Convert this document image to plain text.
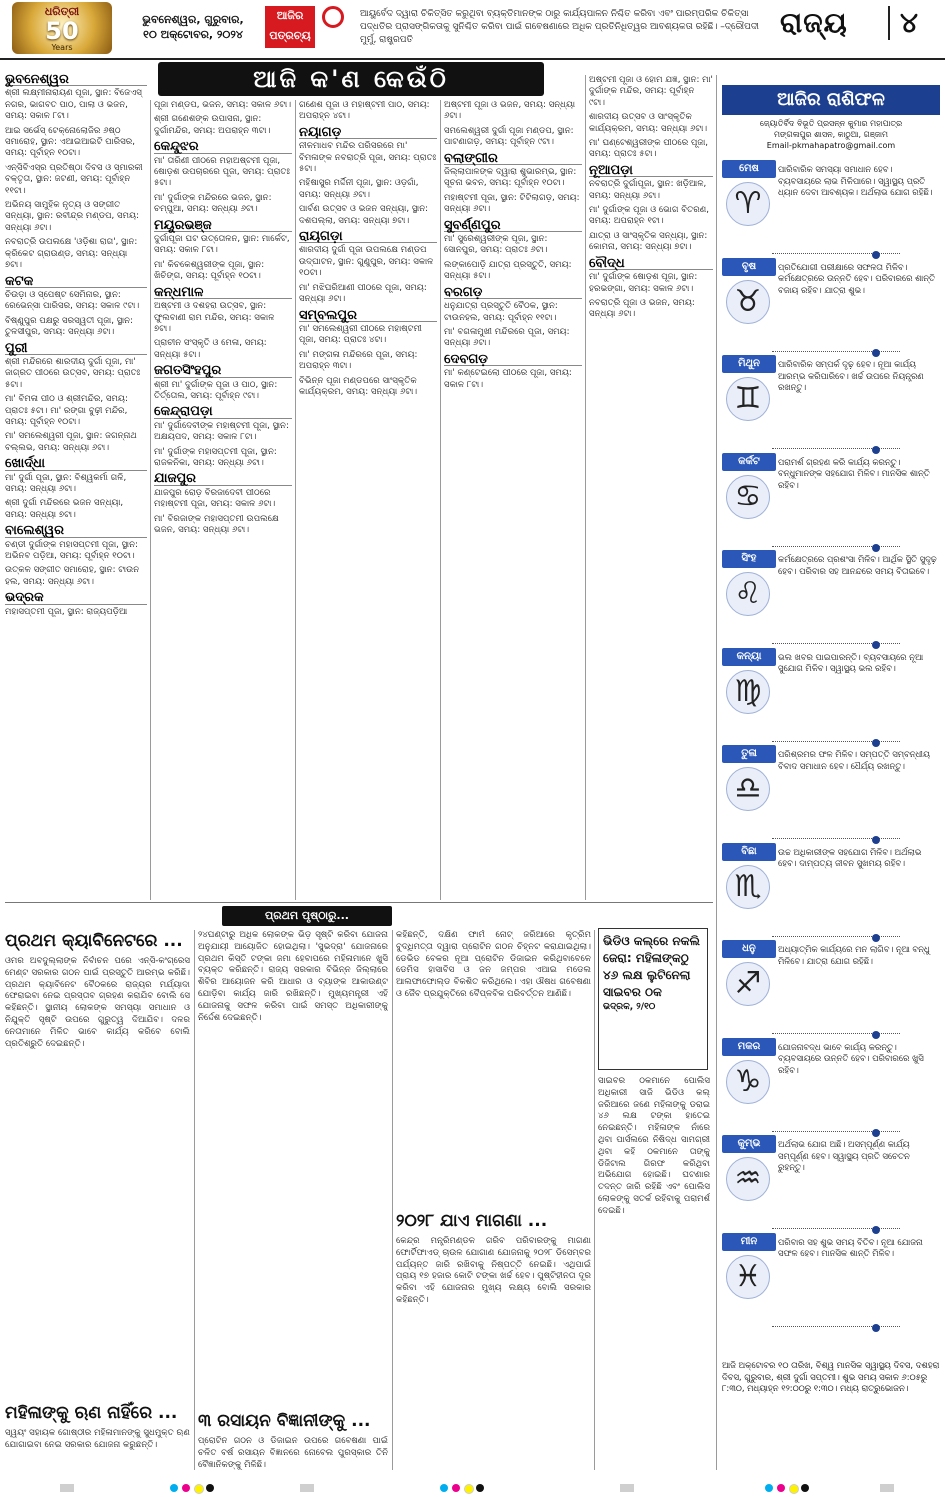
ଧରିତ୍ରୀ
50
Years
ଭୁବନେଶ୍ୱର, ଗୁରୁବାର,
୧୦ ଅକ୍ଟୋବର, ୨୦୨୪
ଆଜିର
ପତ୍ରଚ୍ୟ
ଆୟୁର୍ବେଦ ଦ୍ୱାରା ଚିକିତ୍ସିତ କରୁଥିବା ବ୍ୟକ୍ତିମାନଙ୍କ ଠାରୁ କାର୍ଯ୍ୟପାଳନ ନିଶ୍ଚିତ କରିବା ଏବଂ ପାରମ୍ପରିକ ଚିକିତ୍ସା ପଦ୍ଧତିର ପ୍ରାସଙ୍ଗିକତାକୁ ସୁନିଶ୍ଚିତ କରିବା ପାଇଁ ଗବେଷଣାରେ ଅଧିକ ପ୍ରତିନିଧିତ୍ୱର ଆବଶ୍ୟକତା ରହିଛି। –ଦ୍ରୌପଦୀ ମୁର୍ମୁ, ରାଷ୍ଟ୍ରପତି
ରାଜ୍ୟ	୪
ଆଜି କ'ଣ କେଉଁଠି
ଭୁବନେଶ୍ୱର

ଶ୍ରୀ ଲକ୍ଷ୍ମୀନାରାୟଣ ପୂଜା, ସ୍ଥାନ: ବିଜେଏସ୍‌ ନଗର, ଭାଗବତ ପାଠ, ପାଲା ଓ ଭଜନ, ସମୟ: ସକାଳ ୮ଟା।

ଆଇ ସର୍ଭେସ୍ ଟେକ୍ନୋଲୋଜିର ୬ଷ୍ଠ ସମାରୋହ, ସ୍ଥାନ: ଏଆଇଆଇଟି ପାରିସର, ସମୟ: ପୂର୍ବାହ୍ନ ୧୦ଟା।

ଏନ୍‌ସିବିଏସ୍‌ର ପ୍ରତିଷ୍ଠା ଦିବସ ଓ ସ୍ମାରକୀ ବକ୍ତୃତା, ସ୍ଥାନ: ଜଟଣୀ, ସମୟ: ପୂର୍ବାହ୍ନ ୧୧ଟା।

ଅଭିନୟ ସାମୁହିକ ନୃତ୍ୟ ଓ ସଙ୍ଗୀତ ସନ୍ଧ୍ୟା, ସ୍ଥାନ: ରବୀନ୍ଦ୍ର ମଣ୍ଡପ, ସମୟ: ସନ୍ଧ୍ୟା ୬ଟା।

ନବରାତ୍ରି ଉପଲକ୍ଷେ 'ଓଡ଼ିଶା ରାଗ', ସ୍ଥାନ: କ୍ରିକେଟ ଗ୍ରାଉଣ୍ଡ, ସମୟ: ସନ୍ଧ୍ୟା ୭ଟା।

କଟକ

ଚିଉଡ଼ା ଓ ସ୍ପେଷ୍ଟ ସେମିନାର, ସ୍ଥାନ: ରେଭେନ୍ସା ପାରିସର, ସମୟ: ସକାଳ ୯ଟା।

ବିଷ୍ଣୁପୁର ପକ୍ଷରୁ ସରସ୍ୱତୀ ପୂଜା, ସ୍ଥାନ: ତୁଳସୀପୁର, ସମୟ: ସନ୍ଧ୍ୟା ୬ଟା।

ପୁରୀ

ଶ୍ରୀ ମନ୍ଦିରରେ ଶାରଦୀୟ ଦୁର୍ଗା ପୂଜା, ମା' ଜାଗ୍ରତ ପୀଠରେ ଉତ୍ସବ, ସମୟ: ପ୍ରାତଃ ୫ଟା।

ମା' ବିମଳା ପୀଠ ଓ ଶ୍ରୀମନ୍ଦିର, ସମୟ: ପ୍ରାତଃ ୫ଟା। ମା' ରଙ୍ଗା ବୁଢ଼ୀ ମନ୍ଦିର, ସମୟ: ପୂର୍ବାହ୍ନ ୧୦ଟା।

ମା' ସମଲେଶ୍ୱରୀ ପୂଜା, ସ୍ଥାନ: ଜଗନ୍ନାଥ ବଲ୍ଲଭ, ସମୟ: ସନ୍ଧ୍ୟା ୬ଟା।

ଖୋର୍ଦ୍ଧା

ମା' ଦୁର୍ଗା ପୂଜା, ସ୍ଥାନ: ବିଶ୍ୱକର୍ମା ଗଳି, ସମୟ: ସନ୍ଧ୍ୟା ୬ଟା।

ଶ୍ରୀ ଦୁର୍ଗା ମନ୍ଦିରରେ ଭଜନ ସନ୍ଧ୍ୟା, ସମୟ: ସନ୍ଧ୍ୟା ୭ଟା।

ବାଲେଶ୍ୱର

ଚଣ୍ଡୀ ଦୁର୍ଗାଙ୍କ ମହାସପ୍ତମୀ ପୂଜା, ସ୍ଥାନ: ଅଭିନବ ପଡ଼ିଆ, ସମୟ: ପୂର୍ବାହ୍ନ ୧୦ଟା।

ଉତ୍କଳ ସଙ୍ଗୀତ ସମାରୋହ, ସ୍ଥାନ: ଟାଉନ ହଲ, ସମୟ: ସନ୍ଧ୍ୟା ୬ଟା।

ଭଦ୍ରକ

ମହାସପ୍ତମୀ ପୂଜା, ସ୍ଥାନ: ରାଜ୍ୟପଡ଼ିଆ

ପୂଜା ମଣ୍ଡପ, ଭଜନ, ସମୟ: ସକାଳ ୬ଟା।

ଶ୍ରୀ ଗଣେଶଙ୍କ ଉପାସନା, ସ୍ଥାନ: ଦୁର୍ଗାମନ୍ଦିର, ସମୟ: ଅପରାହ୍ନ ୩ଟା।

କେନ୍ଦୁଝର

ମା' ତାରିଣୀ ପୀଠରେ ମହାଅଷ୍ଟମୀ ପୂଜା, ଷୋଡ଼ଶ ଉପଚାରରେ ପୂଜା, ସମୟ: ପ୍ରାତଃ ୫ଟା।

ମା' ଦୁର୍ଗାଙ୍କ ମନ୍ଦିରରେ ଭଜନ, ସ୍ଥାନ: ଚମ୍ପୁଆ, ସମୟ: ସନ୍ଧ୍ୟା ୬ଟା।

ମୟୂରଭଞ୍ଜ

ଦୁର୍ଗାପୂଜା ଘଟ ଉତ୍ତୋଳନ, ସ୍ଥାନ: ମାର୍କେଟ, ସମୟ: ସକାଳ ୮ଟା।

ମା' କିଚକେଶ୍ୱରୀଙ୍କ ପୂଜା, ସ୍ଥାନ: ଖିଚିଙ୍ଗ, ସମୟ: ପୂର୍ବାହ୍ନ ୧୦ଟା।

କନ୍ଧମାଳ

ଅଷ୍ଟମୀ ଓ ଦଶହରା ଉତ୍ସବ, ସ୍ଥାନ: ଫୁଲବାଣୀ ରାମ ମନ୍ଦିର, ସମୟ: ସକାଳ ୭ଟା।

ପ୍ରାଚୀନ ସଂସ୍କୃତି ଓ ମେଳା, ସମୟ: ସନ୍ଧ୍ୟା ୫ଟା।

ଜଗତସିଂହପୁର

ଶ୍ରୀ ମା' ଦୁର୍ଗାଙ୍କ ପୂଜା ଓ ପାଠ, ସ୍ଥାନ: ତିର୍ତ୍ତୋଲ, ସମୟ: ପୂର୍ବାହ୍ନ ୯ଟା।

କେନ୍ଦ୍ରାପଡ଼ା

ମା' ଦୁର୍ଗାଦେବୀଙ୍କ ମହାଷ୍ଟମୀ ପୂଜା, ସ୍ଥାନ: ଅକ୍ଷୟପଦ, ସମୟ: ସକାଳ ୮ଟା।

ମା' ଦୁର୍ଗାଙ୍କ ମହାସପ୍ତମୀ ପୂଜା, ସ୍ଥାନ: ରାଜକନିକା, ସମୟ: ସନ୍ଧ୍ୟା ୬ଟା।

ଯାଜପୁର

ଯାଜପୁର ରୋଡ଼ ବିରଜାଦେବୀ ପୀଠରେ ମହାଷ୍ଟମୀ ପୂଜା, ସମୟ: ସକାଳ ୬ଟା।

ମା' ବିରଜାଙ୍କ ମହାସପ୍ତମୀ ଉପଲକ୍ଷେ ଭଜନ, ସମୟ: ସନ୍ଧ୍ୟା ୬ଟା।

ଗଣେଶ ପୂଜା ଓ ମହାଷ୍ଟମୀ ପାଠ, ସମୟ: ଅପରାହ୍ନ ୪ଟା।

ନୟାଗଡ଼

ନୀଳମାଧବ ମନ୍ଦିର ପରିସରରେ ମା' ବିମଳାଙ୍କ ନବରାତ୍ରି ପୂଜା, ସମୟ: ପ୍ରାତଃ ୫ଟା।

ମହିଷାସୁର ମର୍ଦ୍ଦିନୀ ପୂଜା, ସ୍ଥାନ: ଓଡ଼ଗାଁ, ସମୟ: ସନ୍ଧ୍ୟା ୬ଟା।

ପାର୍ବଣ ଉତ୍ସବ ଓ ଭଜନ ସନ୍ଧ୍ୟା, ସ୍ଥାନ: ଦଶପଲ୍ଲା, ସମୟ: ସନ୍ଧ୍ୟା ୭ଟା।

ରାୟଗଡ଼ା

ଶାରଦୀୟ ଦୁର୍ଗା ପୂଜା ଉପଲକ୍ଷେ ମଣ୍ଡପ ଉଦ୍‌ଘାଟନ, ସ୍ଥାନ: ଗୁଣୁପୁର, ସମୟ: ସକାଳ ୧୦ଟା।

ମା' ମଝିଘରିଆଣୀ ପୀଠରେ ପୂଜା, ସମୟ: ସନ୍ଧ୍ୟା ୬ଟା।

ସମ୍ବଲପୁର

ମା' ସମଲେଶ୍ୱରୀ ପୀଠରେ ମହାଷ୍ଟମୀ ପୂଜା, ସମୟ: ପ୍ରାତଃ ୪ଟା।

ମା' ମଙ୍ଗଳା ମନ୍ଦିରରେ ପୂଜା, ସମୟ: ଅପରାହ୍ନ ୩ଟା।

ବିଭିନ୍ନ ପୂଜା ମଣ୍ଡପରେ ସାଂସ୍କୃତିକ କାର୍ଯ୍ୟକ୍ରମ, ସମୟ: ସନ୍ଧ୍ୟା ୬ଟା।

ଅଷ୍ଟମୀ ପୂଜା ଓ ଭଜନ, ସମୟ: ସନ୍ଧ୍ୟା ୬ଟା।

ସମଲେଶ୍ୱରୀ ଦୁର୍ଗା ପୂଜା ମଣ୍ଡପ, ସ୍ଥାନ: ପାଟଣାଗଡ଼, ସମୟ: ପୂର୍ବାହ୍ନ ୯ଟା।

ବଲାଙ୍ଗୀର

ଜିଲ୍ଲାପାଳଙ୍କ ଦ୍ୱାରା ଶୁଭାରମ୍ଭ, ସ୍ଥାନ: ସୂଚନା ଭବନ, ସମୟ: ପୂର୍ବାହ୍ନ ୧୦ଟା।

ମହାଷ୍ଟମୀ ପୂଜା, ସ୍ଥାନ: ଟିଟିଲାଗଡ଼, ସମୟ: ସନ୍ଧ୍ୟା ୬ଟା।

ସୁବର୍ଣ୍ଣପୁର

ମା' ସୁରେଶ୍ୱରୀଙ୍କ ପୂଜା, ସ୍ଥାନ: ସୋନପୁର, ସମୟ: ପ୍ରାତଃ ୬ଟା।

ଲଙ୍କାପୋଡ଼ି ଯାତ୍ରା ପ୍ରସ୍ତୁତି, ସମୟ: ସନ୍ଧ୍ୟା ୫ଟା।

ବରଗଡ଼

ଧନୁଯାତ୍ରା ପ୍ରସ୍ତୁତି ବୈଠକ, ସ୍ଥାନ: ଟାଉନହଲ, ସମୟ: ପୂର୍ବାହ୍ନ ୧୧ଟା।

ମା' ବଗଳାମୁଖୀ ମନ୍ଦିରରେ ପୂଜା, ସମୟ: ସନ୍ଧ୍ୟା ୬ଟା।

ଦେବଗଡ଼

ମା' କଣ୍ଟେଇଲୋ ପୀଠରେ ପୂଜା, ସମୟ: ସକାଳ ୮ଟା।

ଅଷ୍ଟମୀ ପୂଜା ଓ ହୋମ ଯଜ୍ଞ, ସ୍ଥାନ: ମା' ଦୁର୍ଗାଙ୍କ ମନ୍ଦିର, ସମୟ: ପୂର୍ବାହ୍ନ ୯ଟା।

ଶାରଦୀୟ ଉତ୍ସବ ଓ ସାଂସ୍କୃତିକ କାର୍ଯ୍ୟକ୍ରମ, ସମୟ: ସନ୍ଧ୍ୟା ୬ଟା।

ମା' ଘଣ୍ଟେଶ୍ୱରୀଙ୍କ ପୀଠରେ ପୂଜା, ସମୟ: ପ୍ରାତଃ ୫ଟା।

ନୂଆପଡ଼ା

ନବରାତ୍ରି ଦୁର୍ଗାପୂଜା, ସ୍ଥାନ: ଖଡ଼ିଆଳ, ସମୟ: ସନ୍ଧ୍ୟା ୬ଟା।

ମା' ଦୁର୍ଗାଙ୍କ ପୂଜା ଓ ଭୋଗ ବିତରଣ, ସମୟ: ଅପରାହ୍ନ ୧ଟା।

ଯାତ୍ରା ଓ ସାଂସ୍କୃତିକ ସନ୍ଧ୍ୟା, ସ୍ଥାନ: କୋମନା, ସମୟ: ସନ୍ଧ୍ୟା ୭ଟା।

ବୌଦ୍ଧ

ମା' ଦୁର୍ଗାଙ୍କ ଷୋଡ଼ଶ ପୂଜା, ସ୍ଥାନ: ହରଭଙ୍ଗା, ସମୟ: ସକାଳ ୬ଟା।

ନବରାତ୍ରି ପୂଜା ଓ ଭଜନ, ସମୟ: ସନ୍ଧ୍ୟା ୬ଟା।

ଆଜିର ରାଶିଫଳ
ଜ୍ୟୋତିର୍ବିଦ ବିଭୂତି ପ୍ରସନ୍ନ କୁମାର ମହାପାତ୍ର
ମଙ୍ଗଳାପୁର ଶାସନ, କାଠୁଆ, ଗଞ୍ଜାମ
Email-pkmahapatro@gmail.com
ମେଷ
♈
ପାରିବାରିକ ସମସ୍ୟା ସମାଧାନ ହେବ। ବ୍ୟବସାୟରେ ଲାଭ ମିଳିପାରେ। ସ୍ୱାସ୍ଥ୍ୟ ପ୍ରତି ଧ୍ୟାନ ଦେବା ଆବଶ୍ୟକ। ଅର୍ଥଲାଭ ଯୋଗ ରହିଛି।
ବୃଷ
♉
ପ୍ରତିଯୋଗୀ ପରୀକ୍ଷାରେ ସଫଳତା ମିଳିବ। କର୍ମକ୍ଷେତ୍ରରେ ଉନ୍ନତି ହେବ। ପରିବାରରେ ଶାନ୍ତି ବଜାୟ ରହିବ। ଯାତ୍ରା ଶୁଭ।
ମିଥୁନ
♊
ପାରିବାରିକ ସମ୍ପର୍କ ଦୃଢ଼ ହେବ। ନୂଆ କାର୍ଯ୍ୟ ଆରମ୍ଭ କରିପାରିବେ। ଖର୍ଚ୍ଚ ଉପରେ ନିୟନ୍ତ୍ରଣ ରଖନ୍ତୁ।
କର୍କଟ
♋
ପରାମର୍ଶ ଗ୍ରହଣ କରି କାର୍ଯ୍ୟ କରନ୍ତୁ। ବନ୍ଧୁମାନଙ୍କ ସହଯୋଗ ମିଳିବ। ମାନସିକ ଶାନ୍ତି ରହିବ।
ସିଂହ
♌
କର୍ମକ୍ଷେତ୍ରରେ ପ୍ରଶଂସା ମିଳିବ। ଆର୍ଥିକ ସ୍ଥିତି ସୁଦୃଢ଼ ହେବ। ପରିବାର ସହ ଆନନ୍ଦରେ ସମୟ ବିତାଇବେ।
କନ୍ୟା
♍
ଭଲ ଖବର ପାଇପାରନ୍ତି। ବ୍ୟବସାୟରେ ନୂଆ ସୁଯୋଗ ମିଳିବ। ସ୍ୱାସ୍ଥ୍ୟ ଭଲ ରହିବ।
ତୁଳା
♎
ପରିଶ୍ରମର ଫଳ ମିଳିବ। ସମ୍ପତ୍ତି ସମ୍ବନ୍ଧୀୟ ବିବାଦ ସମାଧାନ ହେବ। ଧୈର୍ଯ୍ୟ ରଖନ୍ତୁ।
ବିଛା
♏
ଉଚ୍ଚ ଅଧିକାରୀଙ୍କ ସହଯୋଗ ମିଳିବ। ଅର୍ଥଲାଭ ହେବ। ଦାମ୍ପତ୍ୟ ଜୀବନ ସୁଖମୟ ରହିବ।
ଧନୁ
♐
ଅଧ୍ୟାତ୍ମିକ କାର୍ଯ୍ୟରେ ମନ ଲାଗିବ। ନୂଆ ବନ୍ଧୁ ମିଳିବେ। ଯାତ୍ରା ଯୋଗ ରହିଛି।
ମକର
♑
ଯୋଜନାବଦ୍ଧ ଭାବେ କାର୍ଯ୍ୟ କରନ୍ତୁ। ବ୍ୟବସାୟରେ ଉନ୍ନତି ହେବ। ପରିବାରରେ ଖୁସି ରହିବ।
କୁମ୍ଭ
♒
ଅର୍ଥଲାଭ ଯୋଗ ଅଛି। ଅସମ୍ପୂର୍ଣ୍ଣ କାର୍ଯ୍ୟ ସମ୍ପୂର୍ଣ୍ଣ ହେବ। ସ୍ୱାସ୍ଥ୍ୟ ପ୍ରତି ସଚେତନ ରୁହନ୍ତୁ।
ମୀନ
♓
ପରିବାର ସହ ଶୁଭ ସମୟ ବିତିବ। ନୂଆ ଯୋଜନା ସଫଳ ହେବ। ମାନସିକ ଶାନ୍ତି ମିଳିବ।
ଆଜି ଅକ୍ଟୋବର ୧୦ ତାରିଖ, ବିଶ୍ୱ ମାନସିକ ସ୍ୱାସ୍ଥ୍ୟ ଦିବସ, ଦଶହରା ଦିବସ, ଗୁରୁବାର, ଶ୍ରୀ ଦୁର୍ଗା ସପ୍ତମୀ। ଶୁଭ ସମୟ ସକାଳ ୬:୦୫ରୁ ୮:୩୦, ମଧ୍ୟାହ୍ନ ୧୨:୦୦ରୁ ୧:୩୦। ମଧ୍ୟ ରାତ୍ରୁଭୋଜନ।
ପ୍ରଥମ ପୃଷ୍ଠାରୁ...
ପ୍ରଥମ କ୍ୟାବିନେଟରେ ...
ଓମର ଅବଦୁଲ୍ଲାଙ୍କ ନିର୍ବାଚନ ପରେ ଏନ୍‌ସି-କଂଗ୍ରେସ ମେଣ୍ଟ ସରକାର ଗଠନ ପାଇଁ ପ୍ରସ୍ତୁତି ଆରମ୍ଭ କରିଛି। ପ୍ରଥମ କ୍ୟାବିନେଟ ବୈଠକରେ ରାଜ୍ୟର ମର୍ଯ୍ୟାଦା ଫେରାଇବା ନେଇ ପ୍ରସ୍ତାବ ଗ୍ରହଣ କରାଯିବ ବୋଲି ସେ କହିଛନ୍ତି। ସ୍ଥାନୀୟ ଲୋକଙ୍କ ସମସ୍ୟା ସମାଧାନ ଓ ନିଯୁକ୍ତି ସୃଷ୍ଟି ଉପରେ ଗୁରୁତ୍ୱ ଦିଆଯିବ। ଦଳର ନେତାମାନେ ମିଳିତ ଭାବେ କାର୍ଯ୍ୟ କରିବେ ବୋଲି ପ୍ରତିଶ୍ରୁତି ଦେଇଛନ୍ତି।
ମହିଳାଙ୍କୁ ଋଣ ନାହିଁରେ ...
ସ୍ୱୟଂ ସହାୟକ ଗୋଷ୍ଠୀର ମହିଳାମାନଙ୍କୁ ସୁଧମୁକ୍ତ ଋଣ ଯୋଗାଇବା ନେଇ ସରକାର ଯୋଜନା କରୁଛନ୍ତି।
୨୪ଘଣ୍ଟାରୁ ଅଧିକ ଲୋକଙ୍କ ଭିଡ଼ ସୃଷ୍ଟି କରିବା ଯୋଜନା ଅନୁଯାୟୀ ଆୟୋଜିତ ହୋଇଥିଲା। 'ସୁଭଦ୍ରା' ଯୋଜନାରେ ପ୍ରଥମ କିସ୍ତି ଟଙ୍କା ଜମା ହେବାପରେ ମହିଳାମାନେ ଖୁସି ବ୍ୟକ୍ତ କରିଛନ୍ତି। ରାଜ୍ୟ ସରକାର ବିଭିନ୍ନ ଜିଲ୍ଲାରେ ଶିବିର ଆୟୋଜନ କରି ଆଧାର ଓ ବ୍ୟାଙ୍କ ଆକାଉଣ୍ଟ ଯୋଡ଼ିବା କାର୍ଯ୍ୟ ଜାରି ରଖିଛନ୍ତି। ମୁଖ୍ୟମନ୍ତ୍ରୀ ଏହି ଯୋଜନାକୁ ସଫଳ କରିବା ପାଇଁ ସମସ୍ତ ଅଧିକାରୀଙ୍କୁ ନିର୍ଦ୍ଦେଶ ଦେଇଛନ୍ତି।
୩ ରସାୟନ ବିଜ୍ଞାନୀଙ୍କୁ ...
ପ୍ରୋଟିନ ଗଠନ ଓ ଡିଜାଇନ ଉପରେ ଗବେଷଣା ପାଇଁ ଚଳିତ ବର୍ଷ ରସାୟନ ବିଜ୍ଞାନରେ ନୋବେଲ ପୁରସ୍କାର ତିନି ବୈଜ୍ଞାନିକଙ୍କୁ ମିଳିଛି।
କହିଛନ୍ତି, ଦକ୍ଷିଣ ଫାର୍ମ ନୋଟ୍‌ ଜରିଆରେ କୃତ୍ରିମ ବୁଦ୍ଧିମତ୍ତା ଦ୍ୱାରା ପ୍ରୋଟିନ ଗଠନ ଚିହ୍ନଟ କରାଯାଇଥିଲା। ଡେଭିଡ ବେକର ନୂଆ ପ୍ରୋଟିନ ଡିଜାଇନ କରିଥିବାବେଳେ ଡେମିସ ହାସାବିସ ଓ ଜନ ଜମ୍ପର ଏଆଇ ମଡେଲ ଆଲଫାଫୋଲ୍ଡ ବିକଶିତ କରିଥିଲେ। ଏହା ଔଷଧ ଗବେଷଣା ଓ ଜୈବ ପ୍ରଯୁକ୍ତିରେ ବୈପ୍ଳବିକ ପରିବର୍ତ୍ତନ ଆଣିଛି।
୨୦୨୮ ଯାଏ ମାଗଣା ...
କେନ୍ଦ୍ର ମନ୍ତ୍ରିମଣ୍ଡଳ ଗରିବ ପରିବାରଙ୍କୁ ମାଗଣା ଫୋର୍ଟିଫାଏଡ୍ ଚାଉଳ ଯୋଗାଣ ଯୋଜନାକୁ ୨୦୨୮ ଡିସେମ୍ବର ପର୍ଯ୍ୟନ୍ତ ଜାରି ରଖିବାକୁ ନିଷ୍ପତ୍ତି ନେଇଛି। ଏଥିପାଇଁ ପ୍ରାୟ ୧୭ ହଜାର କୋଟି ଟଙ୍କା ଖର୍ଚ୍ଚ ହେବ। ପୁଷ୍ଟିହୀନତା ଦୂର କରିବା ଏହି ଯୋଜନାର ମୁଖ୍ୟ ଲକ୍ଷ୍ୟ ବୋଲି ସରକାର କହିଛନ୍ତି।
ଭିଡିଓ କଲ୍‌ରେ ନକଲି ଜେରା: ମହିଳାଙ୍କଠୁ ୪୬ ଲକ୍ଷ ଲୁଟିନେଲା ସାଇବର ଠକ
ଭଦ୍ରକ, ୨/୧୦
ସାଇବର ଠକମାନେ ପୋଲିସ ଅଧିକାରୀ ସାଜି ଭିଡିଓ କଲ୍ ଜରିଆରେ ଜଣେ ମହିଳାଙ୍କୁ ଡରାଇ ୪୬ ଲକ୍ଷ ଟଙ୍କା ହାତେଇ ନେଇଛନ୍ତି। ମହିଳାଙ୍କ ନାଁରେ ଥିବା ପାର୍ସଲରେ ନିଷିଦ୍ଧ ସାମଗ୍ରୀ ଥିବା କହି ଠକମାନେ ତାଙ୍କୁ ଡିଜିଟାଲ ଗିରଫ କରିଥିବା ଅଭିଯୋଗ ହୋଇଛି। ଘଟଣାର ତଦନ୍ତ ଜାରି ରହିଛି ଏବଂ ପୋଲିସ ଲୋକଙ୍କୁ ସତର୍କ ରହିବାକୁ ପରାମର୍ଶ ଦେଇଛି।
